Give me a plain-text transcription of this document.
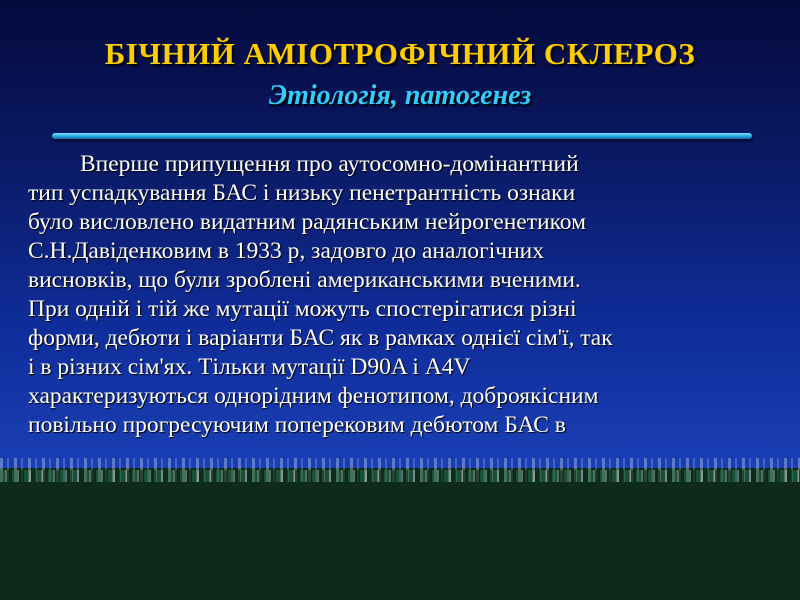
БІЧНИЙ АМІОТРОФІЧНИЙ СКЛЕРОЗ
Этіологія, патогенез
Вперше припущення про аутосомно-домінантний
тип успадкування БАС і низьку пенетрантність ознаки
було висловлено видатним радянським нейрогенетиком
С.Н.Давіденковим в 1933 р, задовго до аналогічних
висновків, що були зроблені американськими вченими.
При одній і тій же мутації можуть спостерігатися різні
форми, дебюти і варіанти БАС як в рамках однієї сім'ї, так
і в різних сім'ях. Тільки мутації D90A і A4V
характеризуються однорідним фенотипом, доброякісним
повільно прогресуючим поперековим дебютом БАС в
